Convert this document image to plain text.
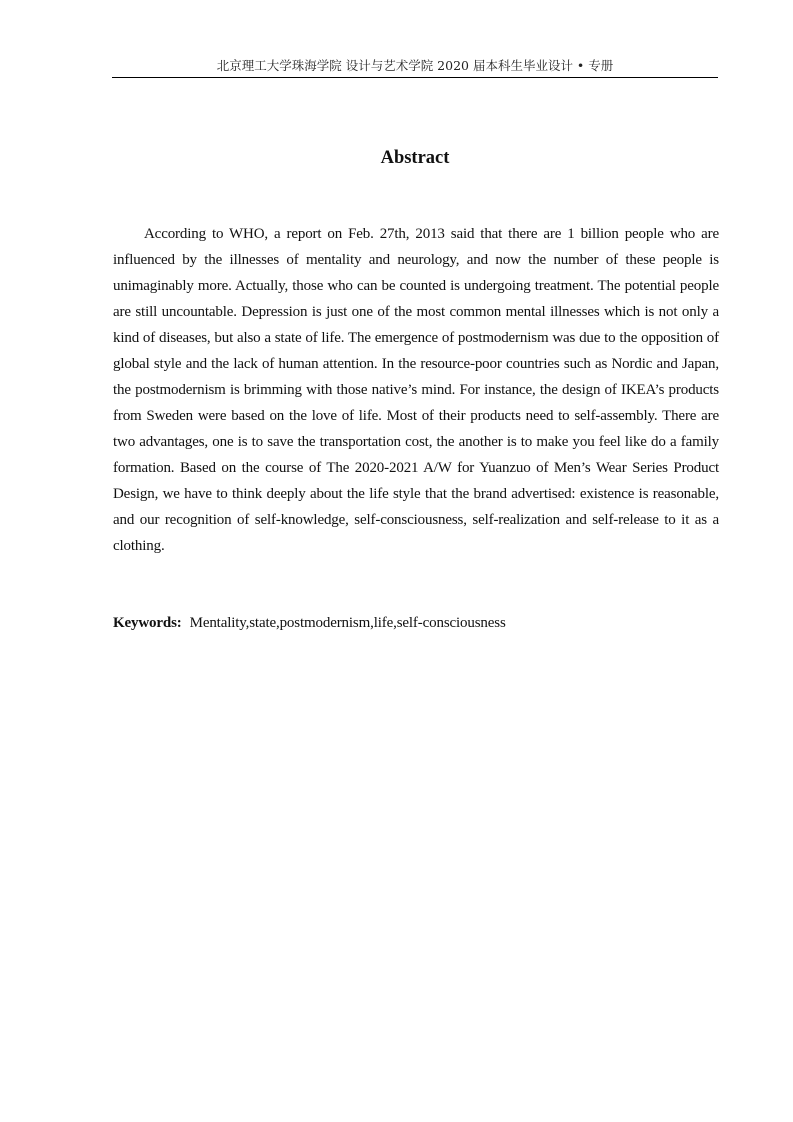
北京理工大学珠海学院 设计与艺术学院 2020 届本科生毕业设计 • 专册
Abstract

According to WHO, a report on Feb. 27th, 2013 said that there are 1 billion people who are influenced by the illnesses of mentality and neurology, and now the number of these people is unimaginably more. Actually, those who can be counted is undergoing treatment. The potential people are still uncountable. Depression is just one of the most common mental illnesses which is not only a kind of diseases, but also a state of life. The emergence of postmodernism was due to the opposition of global style and the lack of human attention. In the resource-poor countries such as Nordic and Japan, the postmodernism is brimming with those native’s mind. For instance, the design of IKEA’s products from Sweden were based on the love of life. Most of their products need to self-assembly. There are two advantages, one is to save the transportation cost, the another is to make you feel like do a family formation. Based on the course of The 2020-2021 A/W for Yuanzuo of Men’s Wear Series Product Design, we have to think deeply about the life style that the brand advertised: existence is reasonable, and our recognition of self-knowledge, self-consciousness, self-realization and self-release to it as a clothing.

Keywords: Mentality,state,postmodernism,life,self-consciousness
